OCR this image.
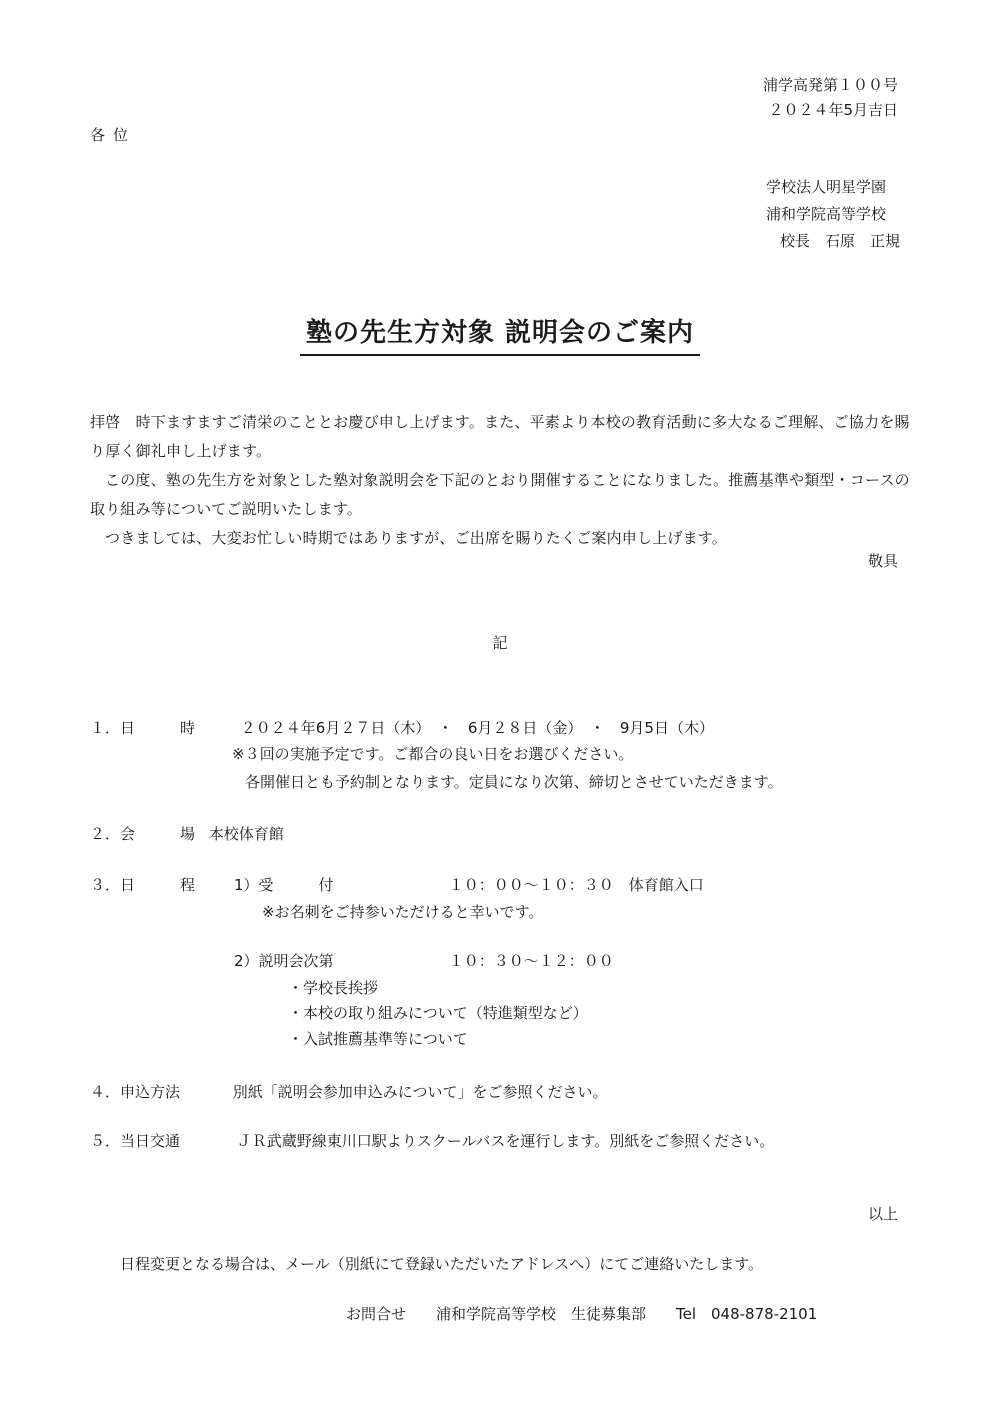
浦学高発第１００号
２０２４年5月吉日
各位
学校法人明星学園
浦和学院高等学校
校長　石原　正規
塾の先生方対象 説明会のご案内
拝啓　時下ますますご清栄のこととお慶び申し上げます。また、平素より本校の教育活動に多大なるご理解、ご協力を賜り厚く御礼申し上げます。
この度、塾の先生方を対象とした塾対象説明会を下記のとおり開催することになりました。推薦基準や類型・コースの取り組み等についてご説明いたします。
つきましては、大変お忙しい時期ではありますが、ご出席を賜りたくご案内申し上げます。
敬具
記
１．日　　　時	２０２４年6月２７日（木）　・　6月２８日（金）　・　9月5日（木）
※３回の実施予定です。ご都合の良い日をお選びください。
各開催日とも予約制となります。定員になり次第、締切とさせていただきます。
２．会　　　場 本校体育館
３．日　　　程	1）受　　　付	１０：００～１０：３０　体育館入口
※お名刺をご持参いただけると幸いです。
2）説明会次第	１０：３０～１２：００
・学校長挨拶
・本校の取り組みについて（特進類型など）
・入試推薦基準等について
４．申込方法	別紙「説明会参加申込みについて」をご参照ください。
５．当日交通	ＪＲ武蔵野線東川口駅よりスクールバスを運行します。別紙をご参照ください。
以上
日程変更となる場合は、メール（別紙にて登録いただいたアドレスへ）にてご連絡いたします。
お問合せ　　浦和学院高等学校　生徒募集部　　Tel　048-878-2101
